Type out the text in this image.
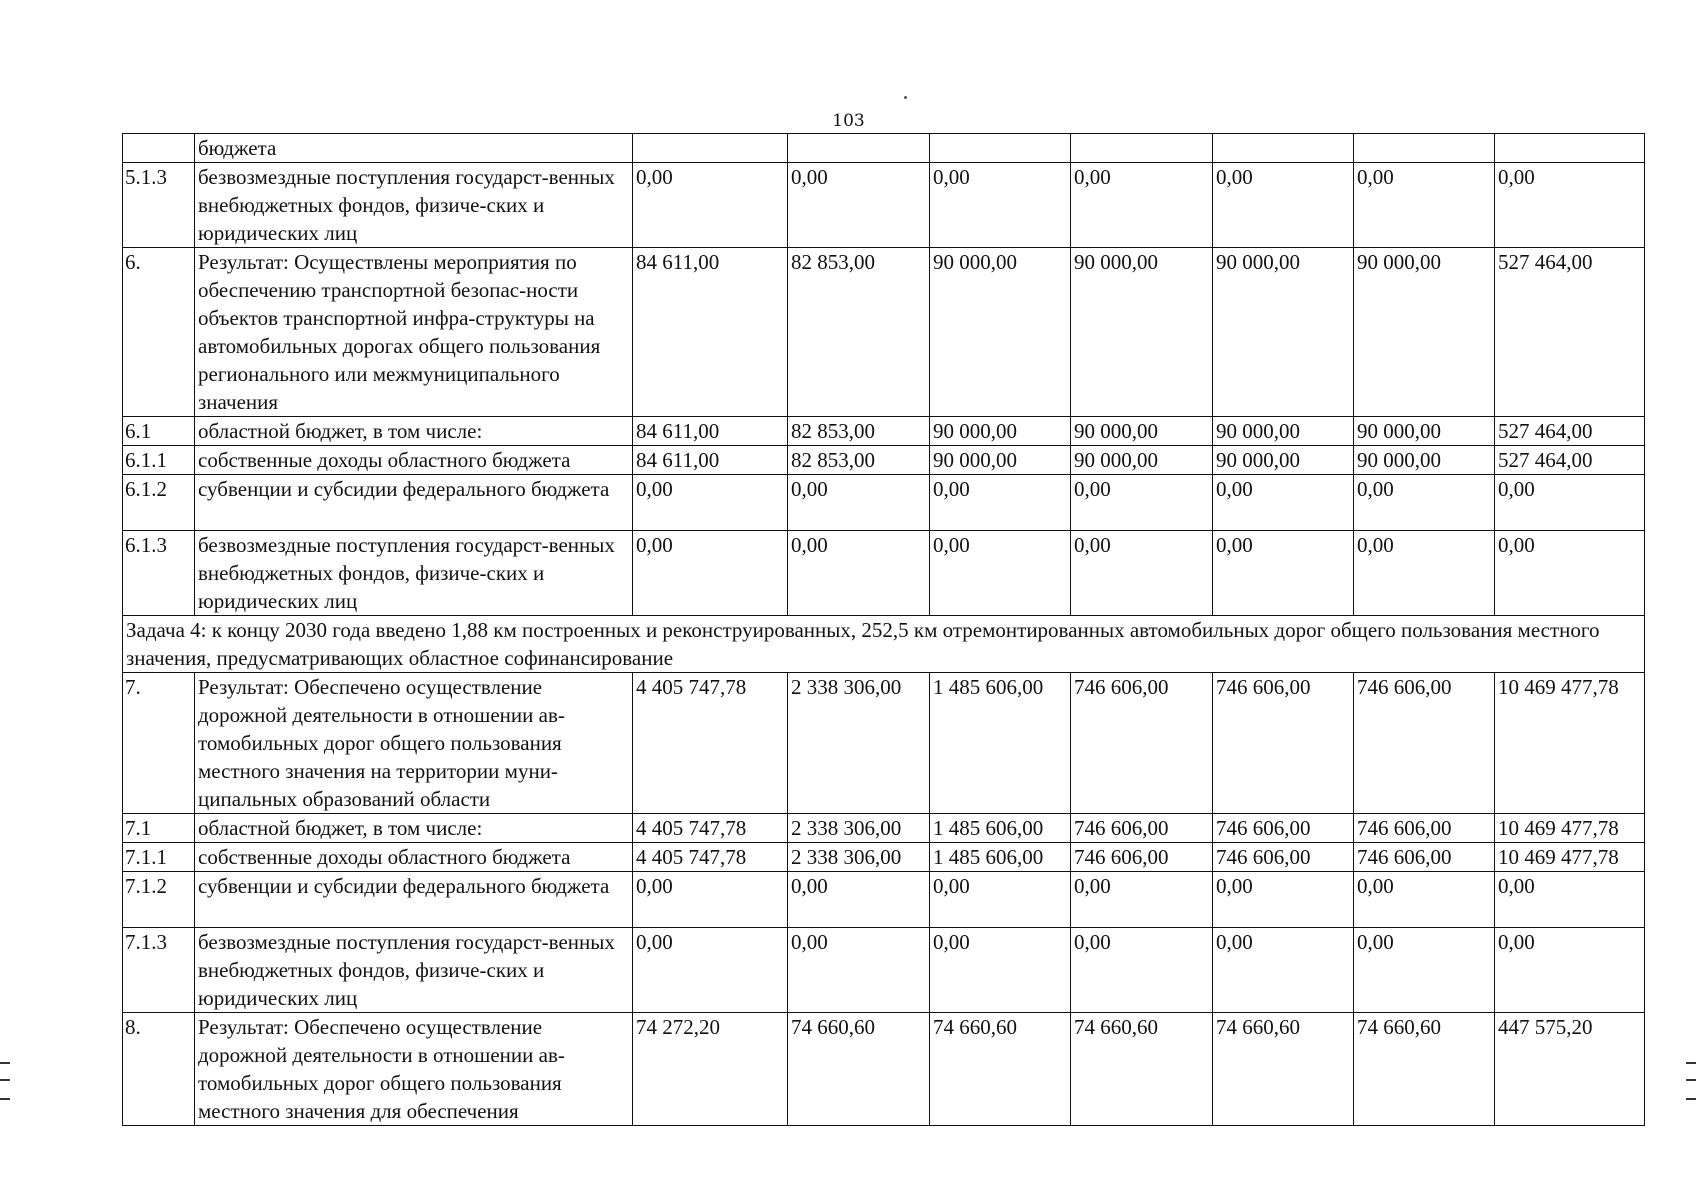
103
	бюджета							
5.1.3	безвозмездные поступления государст-венных внебюджетных фондов, физиче-ских и юридических лиц	0,00	0,00	0,00	0,00	0,00	0,00	0,00
6.	Результат: Осуществлены мероприятия по обеспечению транспортной безопас-ности объектов транспортной инфра-структуры на автомобильных дорогах общего пользования регионального или межмуниципального значения	84 611,00	82 853,00	90 000,00	90 000,00	90 000,00	90 000,00	527 464,00
6.1	областной бюджет, в том числе:	84 611,00	82 853,00	90 000,00	90 000,00	90 000,00	90 000,00	527 464,00
6.1.1	собственные доходы областного бюджета	84 611,00	82 853,00	90 000,00	90 000,00	90 000,00	90 000,00	527 464,00
6.1.2	субвенции и субсидии федерального бюджета	0,00	0,00	0,00	0,00	0,00	0,00	0,00
6.1.3	безвозмездные поступления государст-венных внебюджетных фондов, физиче-ских и юридических лиц	0,00	0,00	0,00	0,00	0,00	0,00	0,00
Задача 4: к концу 2030 года введено 1,88 км построенных и реконструированных, 252,5 км отремонтированных автомобильных дорог общего пользования местного значения, предусматривающих областное софинансирование								
7.	Результат: Обеспечено осуществление дорожной деятельности в отношении ав-томобильных дорог общего пользования местного значения на территории муни-ципальных образований области	4 405 747,78	2 338 306,00	1 485 606,00	746 606,00	746 606,00	746 606,00	10 469 477,78
7.1	областной бюджет, в том числе:	4 405 747,78	2 338 306,00	1 485 606,00	746 606,00	746 606,00	746 606,00	10 469 477,78
7.1.1	собственные доходы областного бюджета	4 405 747,78	2 338 306,00	1 485 606,00	746 606,00	746 606,00	746 606,00	10 469 477,78
7.1.2	субвенции и субсидии федерального бюджета	0,00	0,00	0,00	0,00	0,00	0,00	0,00
7.1.3	безвозмездные поступления государст-венных внебюджетных фондов, физиче-ских и юридических лиц	0,00	0,00	0,00	0,00	0,00	0,00	0,00
8.	Результат: Обеспечено осуществление дорожной деятельности в отношении ав-томобильных дорог общего пользования местного значения для обеспечения	74 272,20	74 660,60	74 660,60	74 660,60	74 660,60	74 660,60	447 575,20
